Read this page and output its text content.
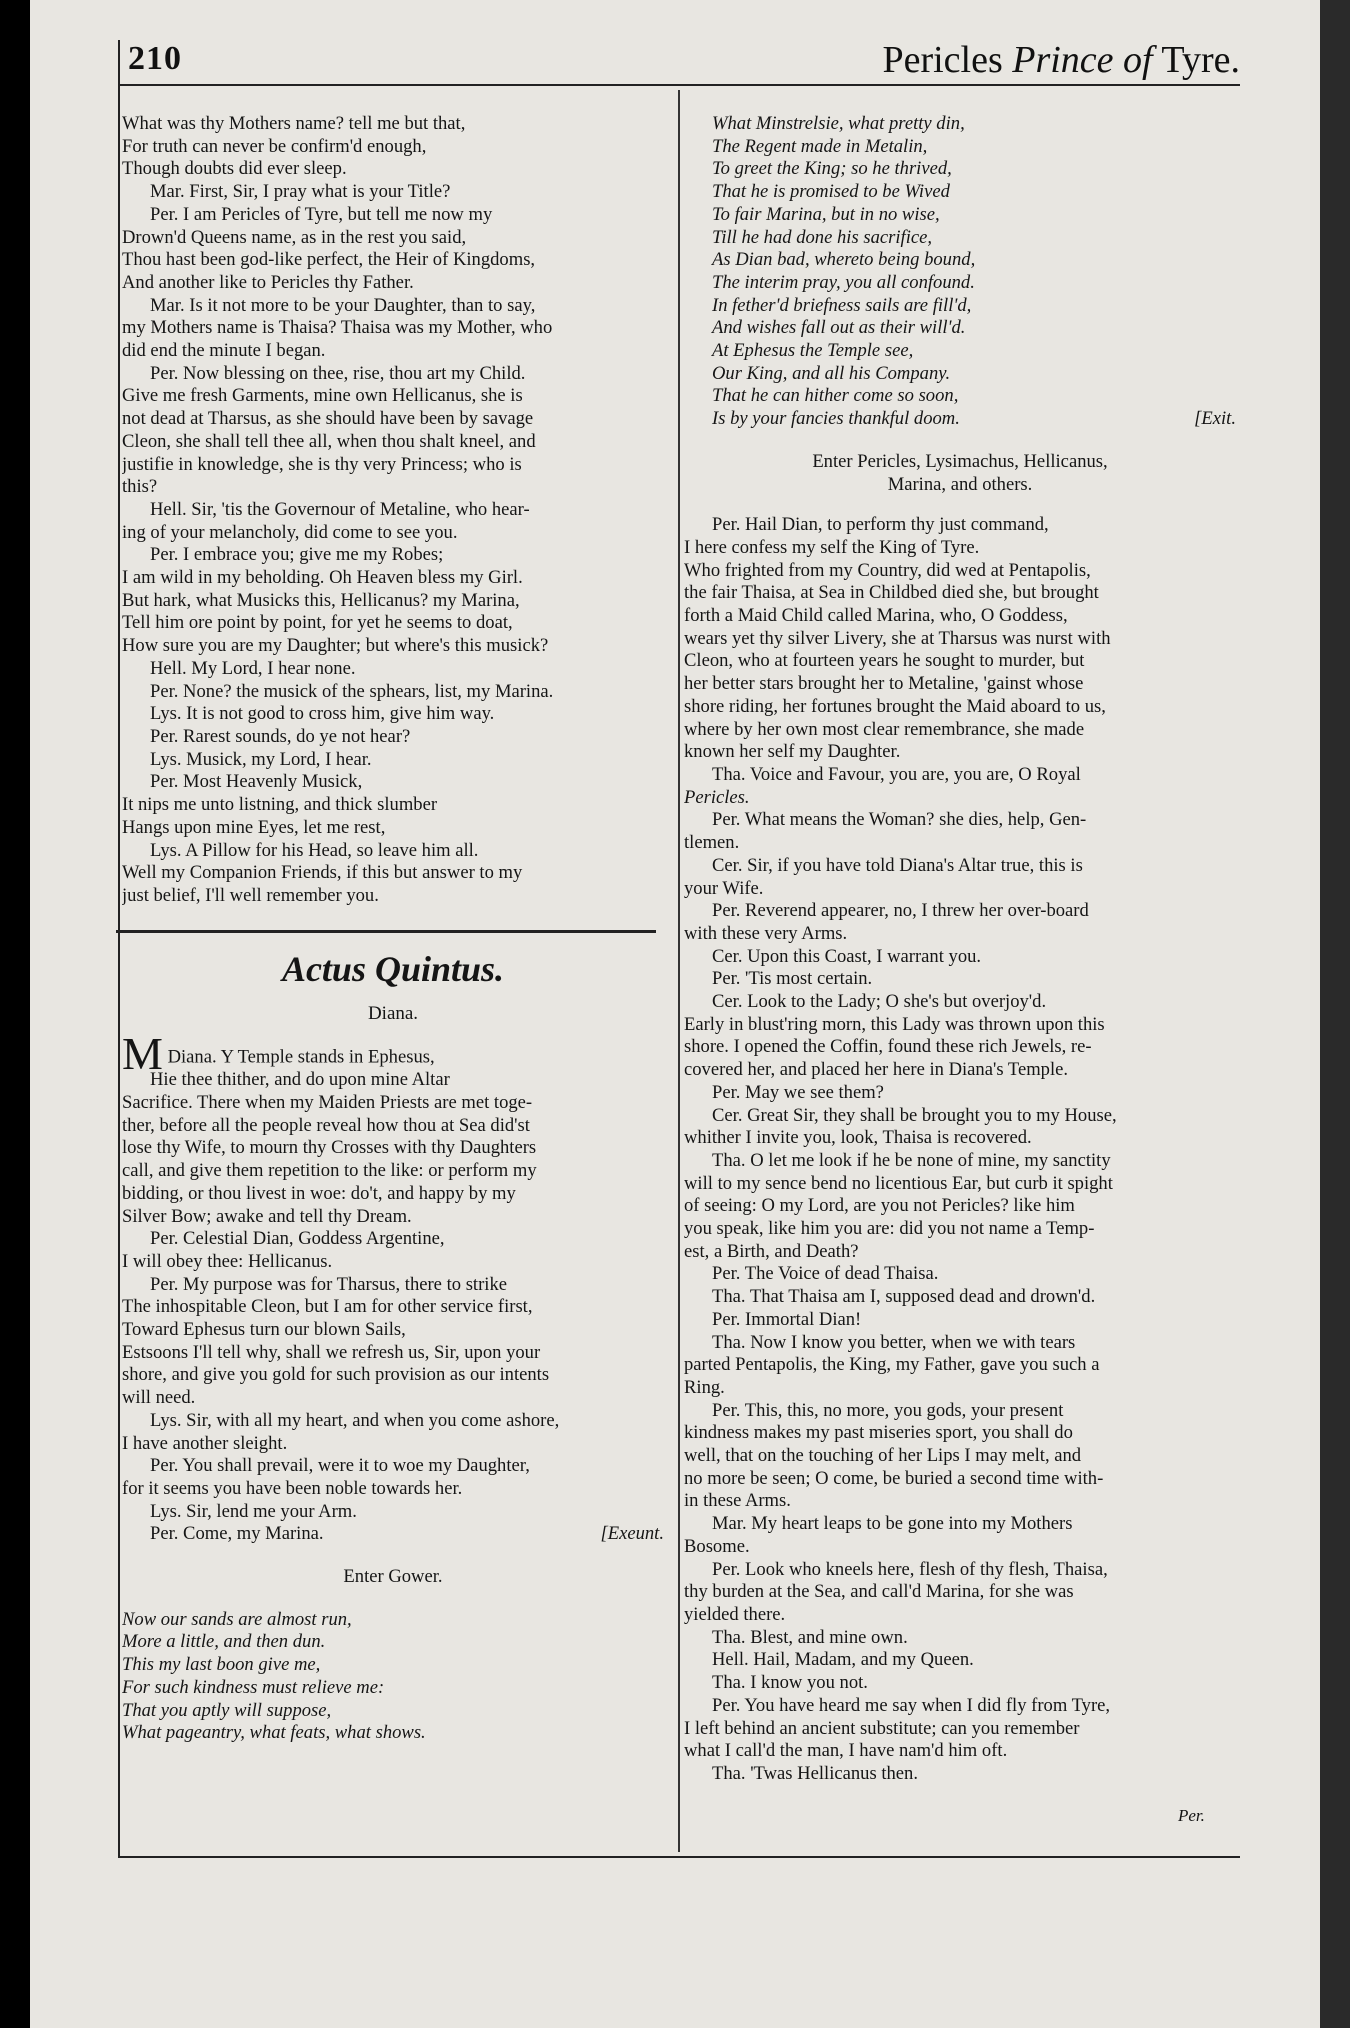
210	Pericles Prince of Tyre.
What was thy Mothers name? tell me but that,
For truth can never be confirm'd enough,
Though doubts did ever sleep.
Mar. First, Sir, I pray what is your Title?
Per. I am Pericles of Tyre, but tell me now my
Drown'd Queens name, as in the rest you said,
Thou hast been god-like perfect, the Heir of Kingdoms,
And another like to Pericles thy Father.
Mar. Is it not more to be your Daughter, than to say,
my Mothers name is Thaisa? Thaisa was my Mother, who
did end the minute I began.
Per. Now blessing on thee, rise, thou art my Child.
Give me fresh Garments, mine own Hellicanus, she is
not dead at Tharsus, as she should have been by savage
Cleon, she shall tell thee all, when thou shalt kneel, and
justifie in knowledge, she is thy very Princess; who is
this?
Hell. Sir, 'tis the Governour of Metaline, who hear-
ing of your melancholy, did come to see you.
Per. I embrace you; give me my Robes;
I am wild in my beholding. Oh Heaven bless my Girl.
But hark, what Musicks this, Hellicanus? my Marina,
Tell him ore point by point, for yet he seems to doat,
How sure you are my Daughter; but where's this musick?
Hell. My Lord, I hear none.
Per. None? the musick of the sphears, list, my Marina.
Lys. It is not good to cross him, give him way.
Per. Rarest sounds, do ye not hear?
Lys. Musick, my Lord, I hear.
Per. Most Heavenly Musick,
It nips me unto listning, and thick slumber
Hangs upon mine Eyes, let me rest,
Lys. A Pillow for his Head, so leave him all.
Well my Companion Friends, if this but answer to my
just belief, I'll well remember you.
Actus Quintus.
Diana.
M Diana. Y Temple stands in Ephesus,
Hie thee thither, and do upon mine Altar
Sacrifice. There when my Maiden Priests are met toge-
ther, before all the people reveal how thou at Sea did'st
lose thy Wife, to mourn thy Crosses with thy Daughters
call, and give them repetition to the like: or perform my
bidding, or thou livest in woe: do't, and happy by my
Silver Bow; awake and tell thy Dream.
Per. Celestial Dian, Goddess Argentine,
I will obey thee: Hellicanus.
Per. My purpose was for Tharsus, there to strike
The inhospitable Cleon, but I am for other service first,
Toward Ephesus turn our blown Sails,
Estsoons I'll tell why, shall we refresh us, Sir, upon your
shore, and give you gold for such provision as our intents
will need.
Lys. Sir, with all my heart, and when you come ashore,
I have another sleight.
Per. You shall prevail, were it to woe my Daughter,
for it seems you have been noble towards her.
Lys. Sir, lend me your Arm.
Per. Come, my Marina.	[Exeunt.
Enter Gower.
Now our sands are almost run,
More a little, and then dun.
This my last boon give me,
For such kindness must relieve me:
That you aptly will suppose,
What pageantry, what feats, what shows.
What Minstrelsie, what pretty din,
The Regent made in Metalin,
To greet the King; so he thrived,
That he is promised to be Wived
To fair Marina, but in no wise,
Till he had done his sacrifice,
As Dian bad, whereto being bound,
The interim pray, you all confound.
In fether'd briefness sails are fill'd,
And wishes fall out as their will'd.
At Ephesus the Temple see,
Our King, and all his Company.
That he can hither come so soon,
Is by your fancies thankful doom.	[Exit.
Enter Pericles, Lysimachus, Hellicanus,
Marina, and others.
Per. Hail Dian, to perform thy just command,
I here confess my self the King of Tyre.
Who frighted from my Country, did wed at Pentapolis,
the fair Thaisa, at Sea in Childbed died she, but brought
forth a Maid Child called Marina, who, O Goddess,
wears yet thy silver Livery, she at Tharsus was nurst with
Cleon, who at fourteen years he sought to murder, but
her better stars brought her to Metaline, 'gainst whose
shore riding, her fortunes brought the Maid aboard to us,
where by her own most clear remembrance, she made
known her self my Daughter.
Tha. Voice and Favour, you are, you are, O Royal
Pericles.
Per. What means the Woman? she dies, help, Gen-
tlemen.
Cer. Sir, if you have told Diana's Altar true, this is
your Wife.
Per. Reverend appearer, no, I threw her over-board
with these very Arms.
Cer. Upon this Coast, I warrant you.
Per. 'Tis most certain.
Cer. Look to the Lady; O she's but overjoy'd.
Early in blust'ring morn, this Lady was thrown upon this
shore. I opened the Coffin, found these rich Jewels, re-
covered her, and placed her here in Diana's Temple.
Per. May we see them?
Cer. Great Sir, they shall be brought you to my House,
whither I invite you, look, Thaisa is recovered.
Tha. O let me look if he be none of mine, my sanctity
will to my sence bend no licentious Ear, but curb it spight
of seeing: O my Lord, are you not Pericles? like him
you speak, like him you are: did you not name a Temp-
est, a Birth, and Death?
Per. The Voice of dead Thaisa.
Tha. That Thaisa am I, supposed dead and drown'd.
Per. Immortal Dian!
Tha. Now I know you better, when we with tears
parted Pentapolis, the King, my Father, gave you such a
Ring.
Per. This, this, no more, you gods, your present
kindness makes my past miseries sport, you shall do
well, that on the touching of her Lips I may melt, and
no more be seen; O come, be buried a second time with-
in these Arms.
Mar. My heart leaps to be gone into my Mothers
Bosome.
Per. Look who kneels here, flesh of thy flesh, Thaisa,
thy burden at the Sea, and call'd Marina, for she was
yielded there.
Tha. Blest, and mine own.
Hell. Hail, Madam, and my Queen.
Tha. I know you not.
Per. You have heard me say when I did fly from Tyre,
I left behind an ancient substitute; can you remember
what I call'd the man, I have nam'd him oft.
Tha. 'Twas Hellicanus then.
Per.
